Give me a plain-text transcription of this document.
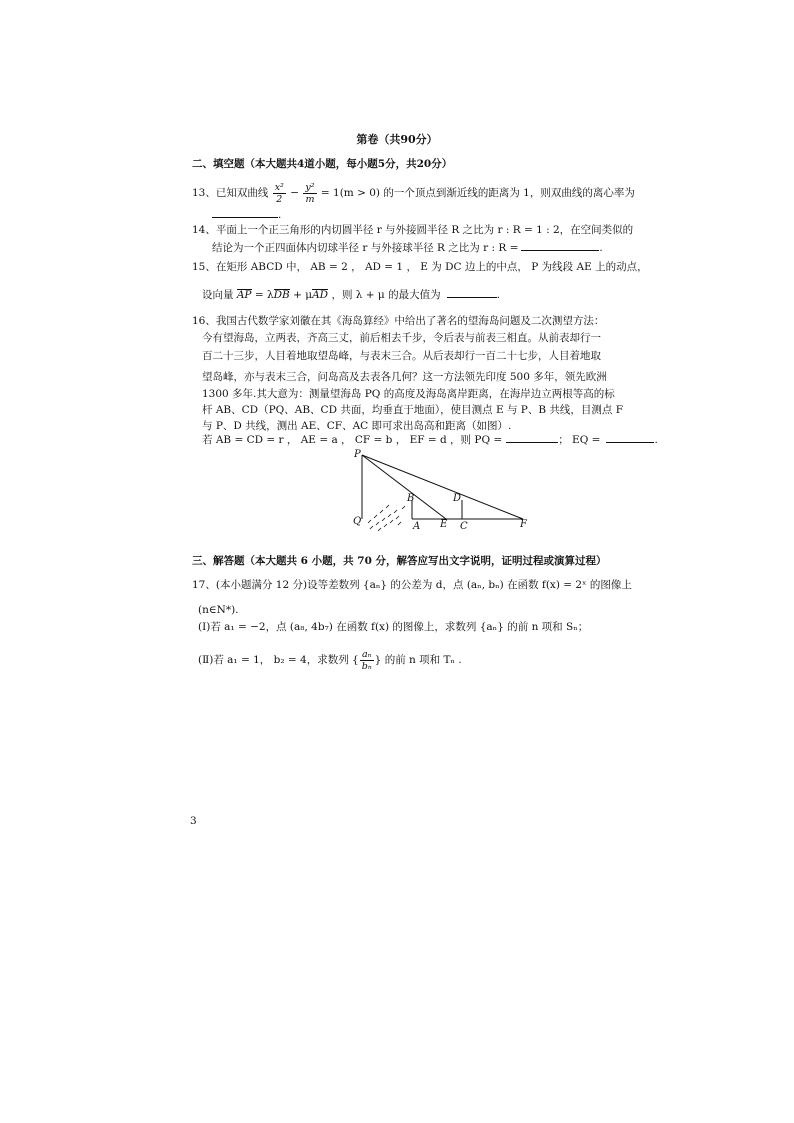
第卷（共90分）
二、填空题（本大题共4道小题，每小题5分，共20分）
13、已知双曲线 $\frac{\text{x²}}{2} - \frac{\text{y²}}{m} = 1(m > 0)$ 的一个顶点到渐近线的距离为 1，则双曲线的离心率为
.
14、平面上一个正三角形的内切圆半径 r 与外接圆半径 R 之比为 r : R = 1 : 2，在空间类似的
结论为一个正四面体内切球半径 r 与外接球半径 R 之比为 r : R =	.
15、在矩形 ABCD 中， AB = 2 ， AD = 1 ， E 为 DC 边上的中点， P 为线段 AE 上的动点，
设向量 AP = λDB + μAD ，则 λ + μ 的最大值为	.
16、我国古代数学家刘徽在其《海岛算经》中给出了著名的望海岛问题及二次测望方法：
今有望海岛，立两表，齐高三丈，前后相去千步，令后表与前表三相直。从前表却行一
百二十三步，人目着地取望岛峰，与表末三合。从后表却行一百二十七步，人目着地取
望岛峰，亦与表末三合，问岛高及去表各几何？这一方法领先印度 500 多年，领先欧洲
1300 多年.其大意为：测量望海岛 PQ 的高度及海岛离岸距离，在海岸边立两根等高的标
杆 AB、CD（PQ、AB、CD 共面，均垂直于地面），使目测点 E 与 P、B 共线，目测点 F
与 P、D 共线，测出 AE、CF、AC 即可求出岛高和距离（如图）.
若 AB = CD = r ， AE = a ， CF = b ， EF = d ，则 PQ =	； EQ =	.
P
Q
B
A E C
D
F
三、解答题（本大题共 6 小题，共 70 分，解答应写出文字说明，证明过程或演算过程）
17、(本小题满分 12 分)设等差数列 {aₙ} 的公差为 d，点 (aₙ, bₙ) 在函数 f(x) = 2ˣ 的图像上
(n∈N*).
(Ⅰ)若 a₁ = −2，点 (a₈, 4b₇) 在函数 f(x) 的图像上，求数列 {aₙ} 的前 n 项和 Sₙ；
(Ⅱ)若 a₁ = 1， b₂ = 4，求数列 { $\frac{\text{aₙ}}{\text{bₙ}}$ } 的前 n 项和 Tₙ .
3
